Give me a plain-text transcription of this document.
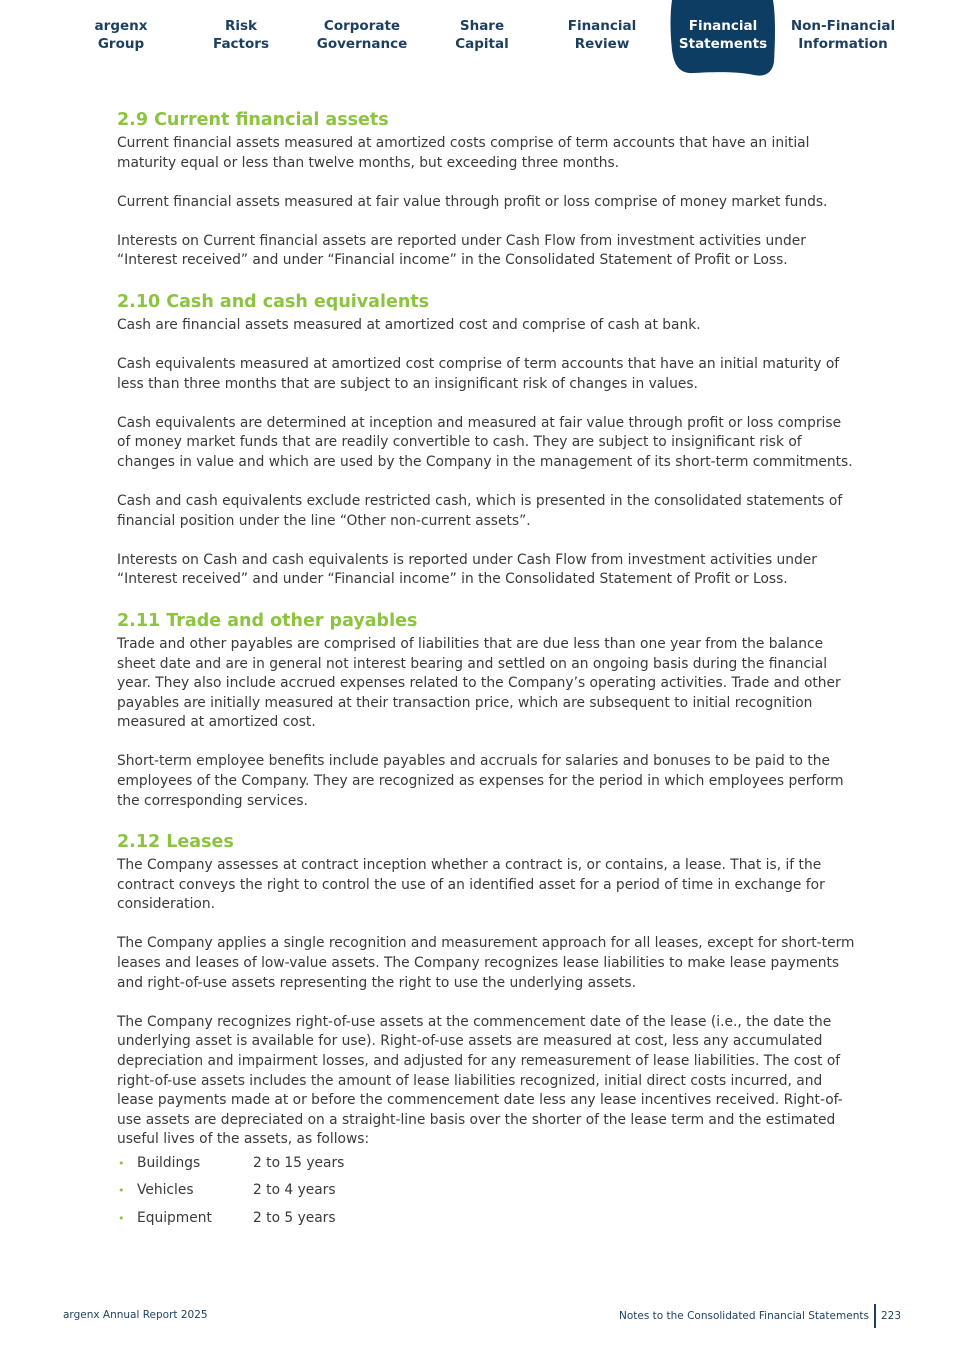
argenx
Group
Risk
Factors
Corporate
Governance
Share
Capital
Financial
Review
Financial
Statements
Non-Financial
Information
2.9 Current financial assets

Current financial assets measured at amortized costs comprise of term accounts that have an initial maturity equal or less than twelve months, but exceeding three months.

Current financial assets measured at fair value through profit or loss comprise of money market funds.

Interests on Current financial assets are reported under Cash Flow from investment activities under “Interest received” and under “Financial income” in the Consolidated Statement of Profit or Loss.

2.10 Cash and cash equivalents

Cash are financial assets measured at amortized cost and comprise of cash at bank.

Cash equivalents measured at amortized cost comprise of term accounts that have an initial maturity of less than three months that are subject to an insignificant risk of changes in values.

Cash equivalents are determined at inception and measured at fair value through profit or loss comprise of money market funds that are readily convertible to cash. They are subject to insignificant risk of changes in value and which are used by the Company in the management of its short-term commitments.

Cash and cash equivalents exclude restricted cash, which is presented in the consolidated statements of financial position under the line “Other non-current assets”.

Interests on Cash and cash equivalents is reported under Cash Flow from investment activities under “Interest received” and under “Financial income” in the Consolidated Statement of Profit or Loss.

2.11 Trade and other payables

Trade and other payables are comprised of liabilities that are due less than one year from the balance sheet date and are in general not interest bearing and settled on an ongoing basis during the financial year. They also include accrued expenses related to the Company’s operating activities. Trade and other payables are initially measured at their transaction price, which are subsequent to initial recognition measured at amortized cost.

Short-term employee benefits include payables and accruals for salaries and bonuses to be paid to the employees of the Company. They are recognized as expenses for the period in which employees perform the corresponding services.

2.12 Leases

The Company assesses at contract inception whether a contract is, or contains, a lease. That is, if the contract conveys the right to control the use of an identified asset for a period of time in exchange for consideration.

The Company applies a single recognition and measurement approach for all leases, except for short-term leases and leases of low-value assets. The Company recognizes lease liabilities to make lease payments and right-of-use assets representing the right to use the underlying assets.

The Company recognizes right-of-use assets at the commencement date of the lease (i.e., the date the underlying asset is available for use). Right-of-use assets are measured at cost, less any accumulated depreciation and impairment losses, and adjusted for any remeasurement of lease liabilities. The cost of right-of-use assets includes the amount of lease liabilities recognized, initial direct costs incurred, and lease payments made at or before the commencement date less any lease incentives received. Right-of-use assets are depreciated on a straight-line basis over the shorter of the lease term and the estimated useful lives of the assets, as follows:

• Buildings	2 to 15 years
• Vehicles	2 to 4 years
• Equipment	2 to 5 years
argenx Annual Report 2025	Notes to the Consolidated Financial Statements 223
